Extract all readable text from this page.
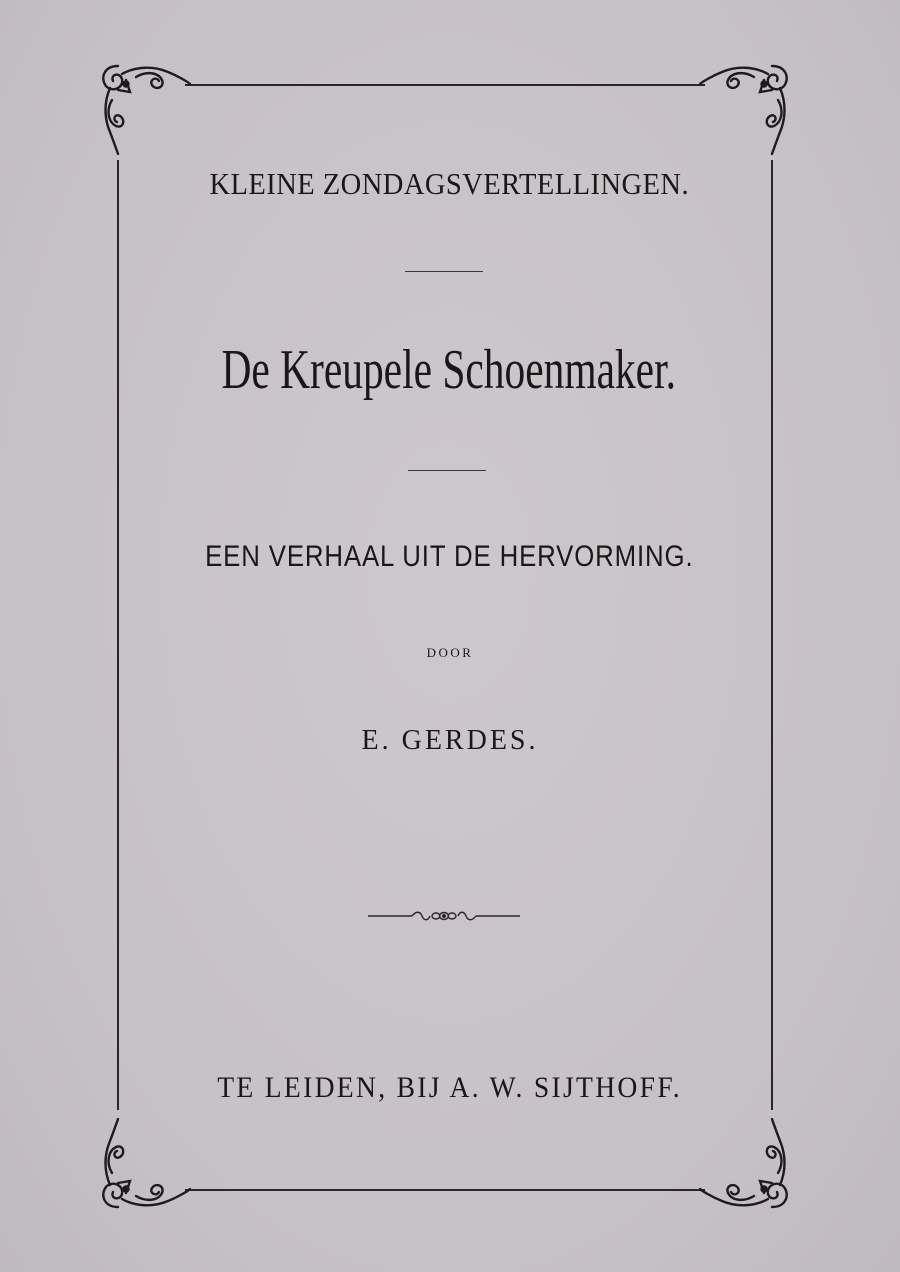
KLEINE ZONDAGSVERTELLINGEN.
De Kreupele Schoenmaker.
EEN VERHAAL UIT DE HERVORMING.
DOOR
E. GERDES.
TE LEIDEN, BIJ A. W. SIJTHOFF.
